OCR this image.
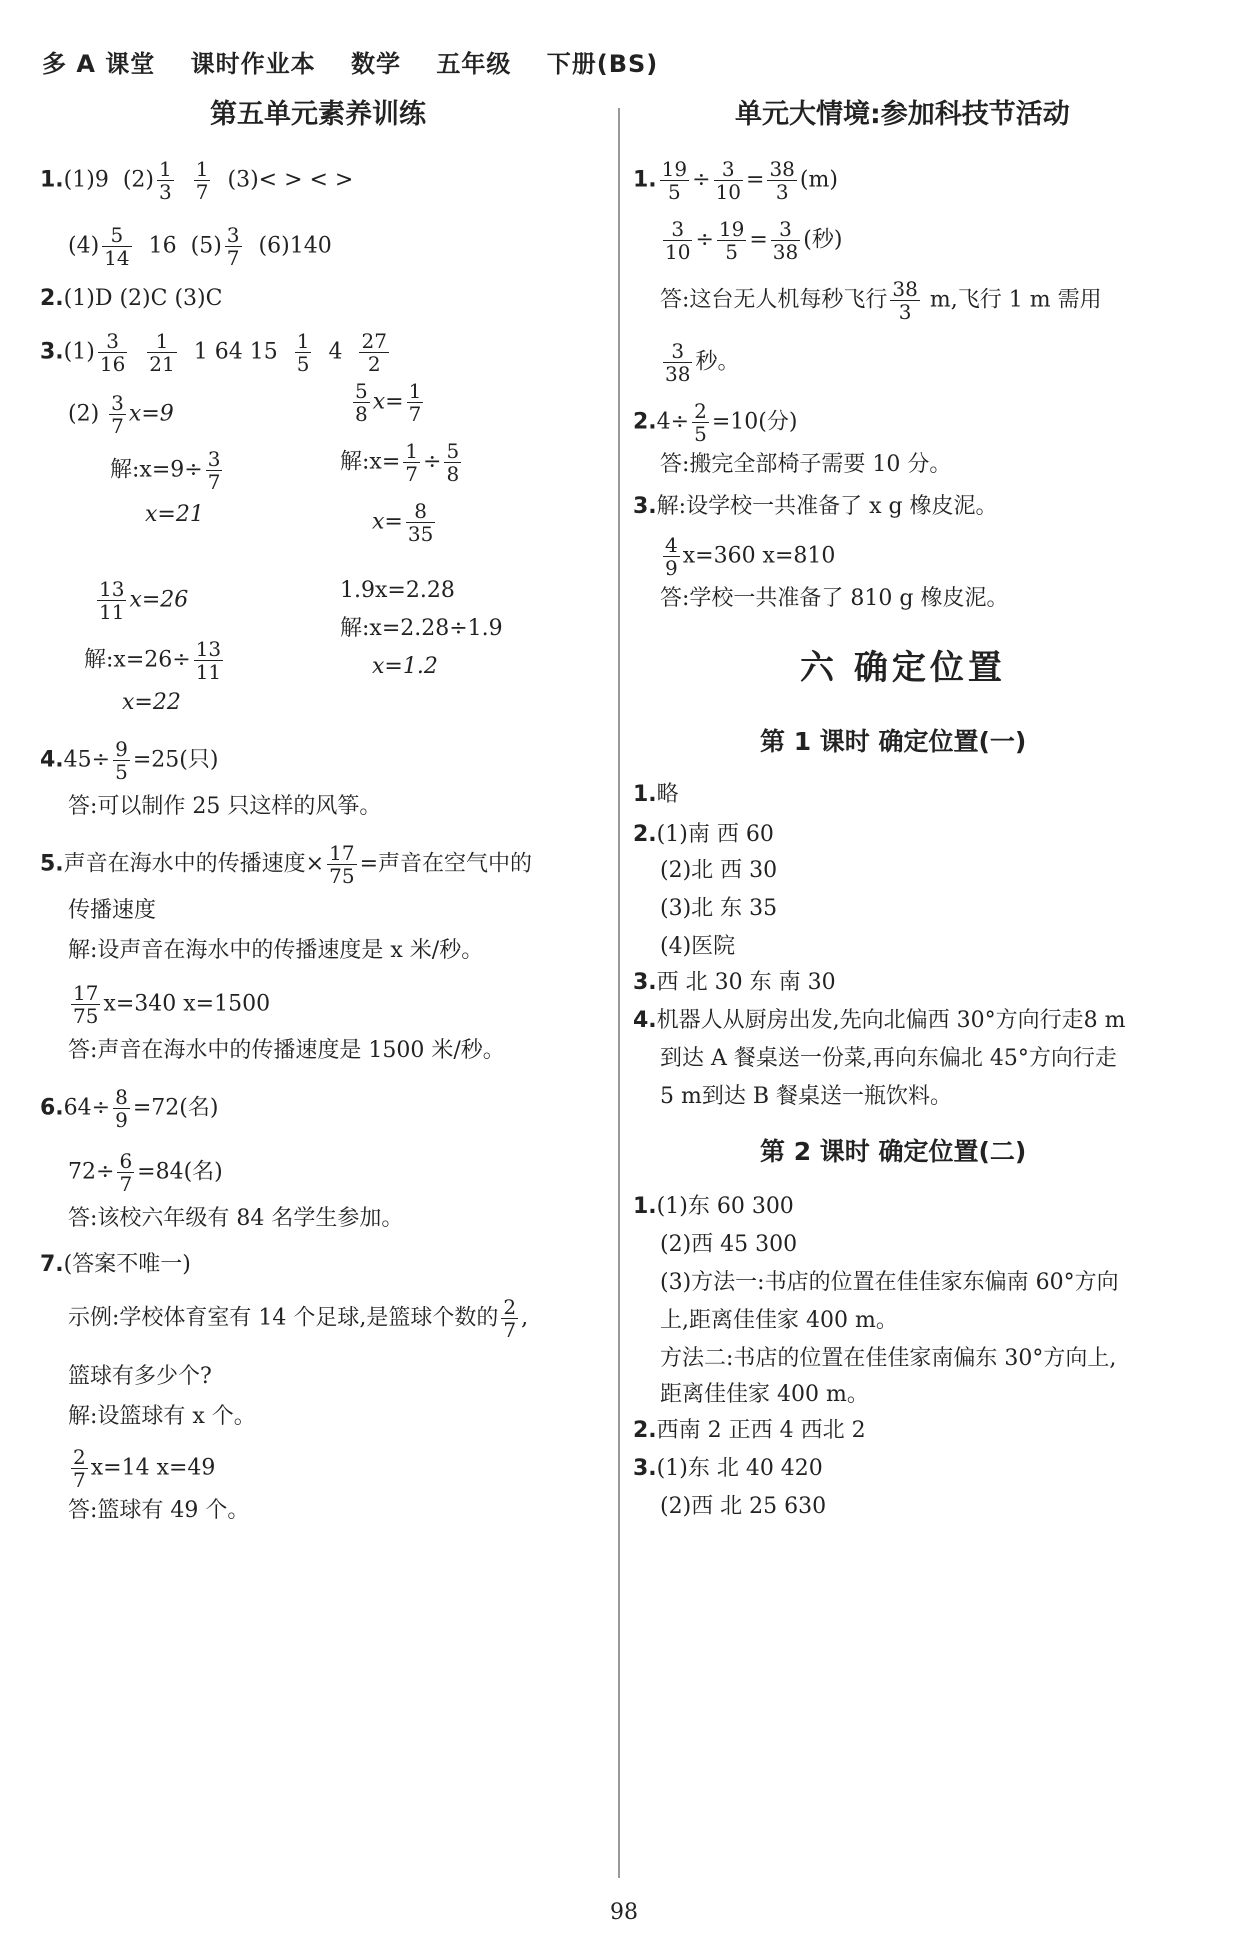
多 A 课堂 课时作业本 数学 五年级 下册(BS)
第五单元素养训练
1.(1)9 $(2) \frac{1}{3}$
$\frac{1}{7} (3)<$ > < >
$(4) \frac{5}{14} 16$ $(5) \frac{3}{7} (6)140$
2.(1)D (2)C (3)C
$3.(1) \frac{3}{16}$
$\frac{1}{21} 1$ 64 $15 \frac{1}{5} 4 \frac{27}{2}$
$(2) \frac{3}{7} x=9$	$\frac{5}{8} x= \frac{1}{7}$
解:x=9÷ $\frac{3}{7}$	解:x= $\frac{1}{7} \div \frac{5}{8}$
x=21	$x= \frac{8}{35}$
$\frac{13}{11} x=26$	1.9x=2.28
解:x=2.28÷1.9
解:x=26÷ $\frac{13}{11}$	x=1.2
x=22
$4.45\div \frac{9}{5} =25$(只)
答:可以制作 25 只这样的风筝。
5.声音在海水中的传播速度× $\frac{17}{75}$ =声音在空气中的
传播速度
解:设声音在海水中的传播速度是 x 米/秒。
$\frac{17}{75} x=340$ x=1500
答:声音在海水中的传播速度是 1500 米/秒。
$6.64\div \frac{8}{9} =72$(名)
$72\div \frac{6}{7} =84$(名)
答:该校六年级有 84 名学生参加。
7.(答案不唯一)
示例:学校体育室有 14 个足球,是篮球个数的 $\frac{2}{7}$ ,
篮球有多少个?
解:设篮球有 x 个。
$\frac{2}{7} x=14$ x=49
答:篮球有 49 个。
单元大情境:参加科技节活动
1. $\frac{19}{5} \div \frac{3}{10} = \frac{38}{3} (m)$
$\frac{3}{10} \div \frac{19}{5} = \frac{3}{38}$ (秒)
答:这台无人机每秒飞行 $\frac{38}{3} m$,飞行 1 m 需用
$\frac{3}{38}$ 秒。
$2.4\div \frac{2}{5} =10$(分)
答:搬完全部椅子需要 10 分。
3.解:设学校一共准备了 x g 橡皮泥。
$\frac{4}{9} x=360$ x=810
答:学校一共准备了 810 g 橡皮泥。
六 确定位置
第 1 课时 确定位置(一)
1.略
2.(1)南 西 60
(2)北 西 30
(3)北 东 35
(4)医院
3.西 北 30 东 南 30
4.机器人从厨房出发,先向北偏西 30°方向行走8 m
到达 A 餐桌送一份菜,再向东偏北 45°方向行走
5 m到达 B 餐桌送一瓶饮料。
第 2 课时 确定位置(二)
1.(1)东 60 300
(2)西 45 300
(3)方法一:书店的位置在佳佳家东偏南 60°方向
上,距离佳佳家 400 m。
方法二:书店的位置在佳佳家南偏东 30°方向上,
距离佳佳家 400 m。
2.西南 2 正西 4 西北 2
3.(1)东 北 40 420
(2)西 北 25 630
98
